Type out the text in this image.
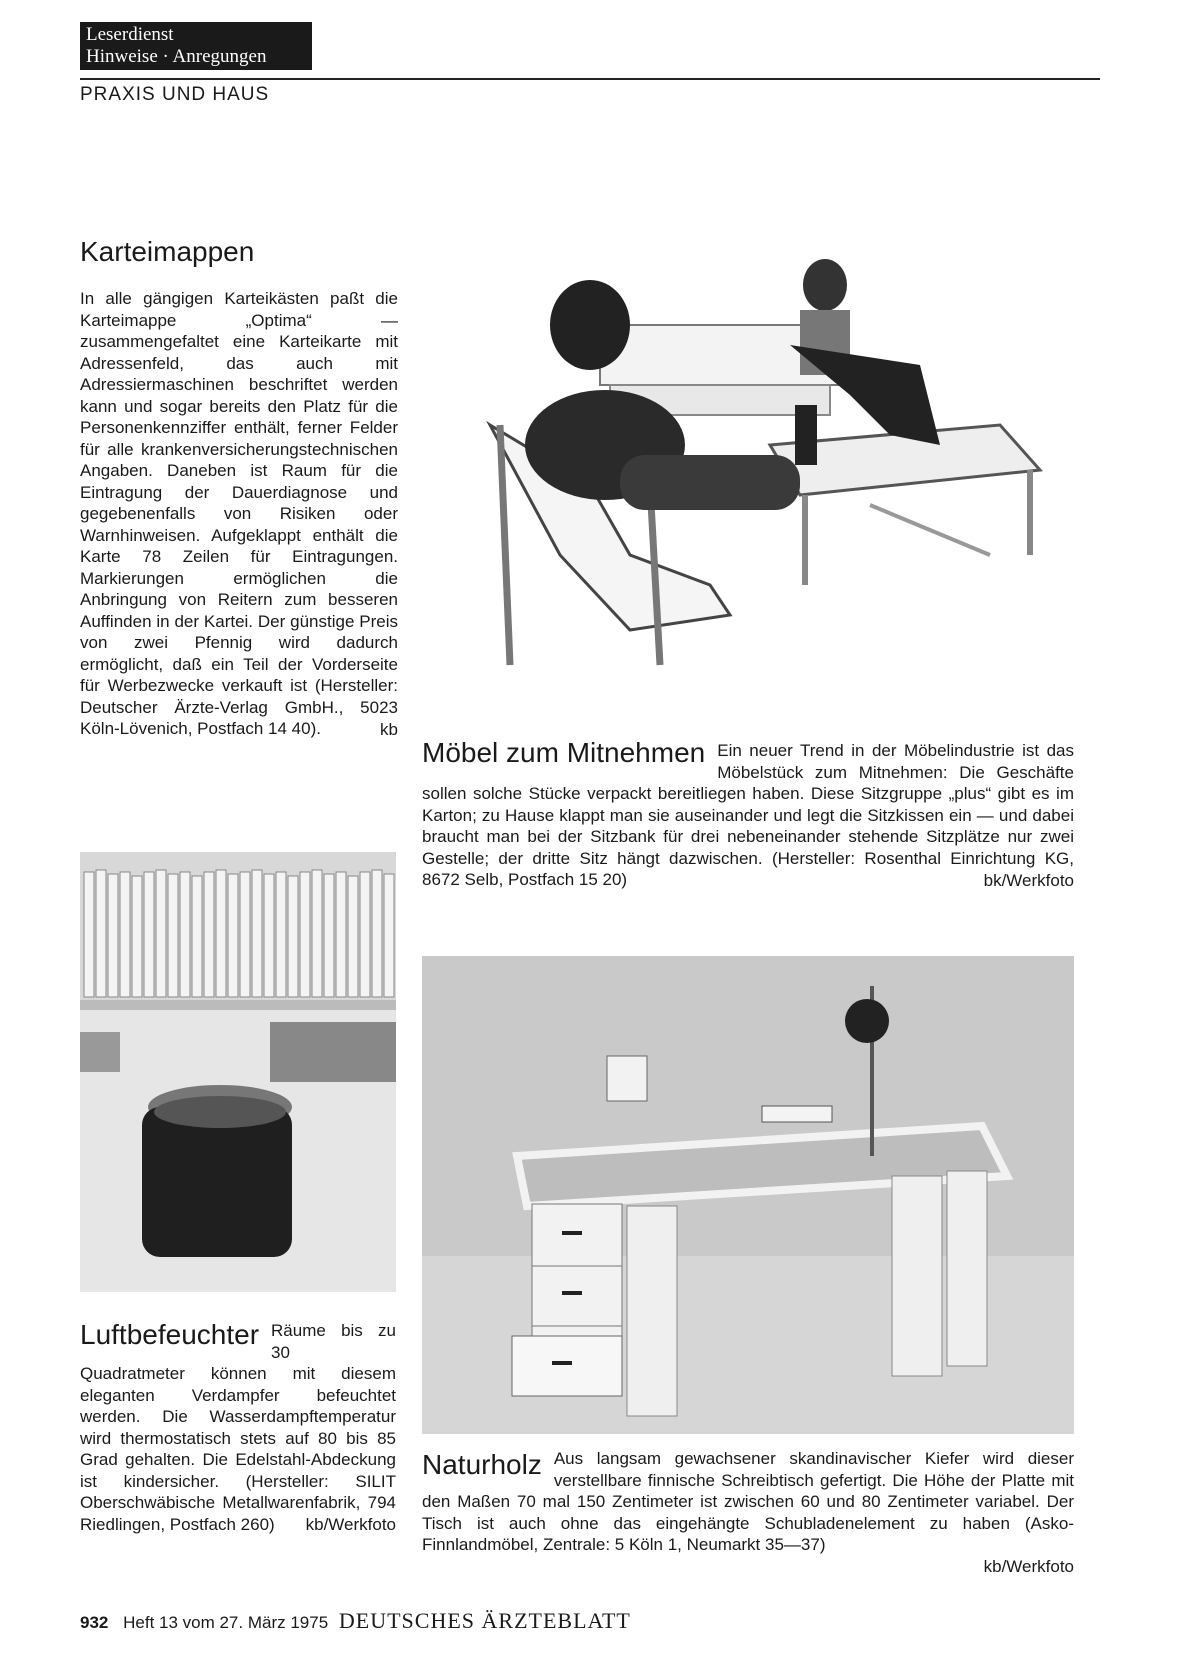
Leserdienst
Hinweise · Anregungen
PRAXIS UND HAUS
Karteimappen

In alle gängigen Karteikästen paßt die Karteimappe „Optima“ — zusammengefaltet eine Karteikarte mit Adressenfeld, das auch mit Adressiermaschinen beschriftet werden kann und sogar bereits den Platz für die Personenkennziffer enthält, ferner Felder für alle krankenversicherungstechnischen Angaben. Daneben ist Raum für die Eintragung der Dauerdiagnose und gegebenenfalls von Risiken oder Warnhinweisen. Aufgeklappt enthält die Karte 78 Zeilen für Eintragungen. Markierungen ermöglichen die Anbringung von Reitern zum besseren Auffinden in der Kartei. Der günstige Preis von zwei Pfennig wird dadurch ermöglicht, daß ein Teil der Vorderseite für Werbezwecke verkauft ist (Hersteller: Deutscher Ärzte-Verlag GmbH., 5023 Köln-Lövenich, Postfach 14 40).	kb
Möbel zum Mitnehmen Ein neuer Trend in der Möbelindustrie ist das Möbelstück zum Mitnehmen: Die Geschäfte sollen solche Stücke verpackt bereitliegen haben. Diese Sitzgruppe „plus“ gibt es im Karton; zu Hause klappt man sie auseinander und legt die Sitzkissen ein — und dabei braucht man bei der Sitzbank für drei nebeneinander stehende Sitzplätze nur zwei Gestelle; der dritte Sitz hängt dazwischen. (Hersteller: Rosenthal Einrichtung KG, 8672 Selb, Postfach 15 20)	bk/Werkfoto
Luftbefeuchter Räume bis zu 30 Quadratmeter können mit diesem eleganten Verdampfer befeuchtet werden. Die Wasserdampftemperatur wird thermostatisch stets auf 80 bis 85 Grad gehalten. Die Edelstahl-Abdeckung ist kindersicher. (Hersteller: SILIT Oberschwäbische Metallwarenfabrik, 794 Riedlingen, Postfach 260)	kb/Werkfoto
Naturholz Aus langsam gewachsener skandinavischer Kiefer wird dieser verstellbare finnische Schreibtisch gefertigt. Die Höhe der Platte mit den Maßen 70 mal 150 Zentimeter ist zwischen 60 und 80 Zentimeter variabel. Der Tisch ist auch ohne das eingehängte Schubladenelement zu haben (Asko-Finnlandmöbel, Zentrale: 5 Köln 1, Neumarkt 35—37)

kb/Werkfoto
932 Heft 13 vom 27. März 1975 DEUTSCHES ÄRZTEBLATT
